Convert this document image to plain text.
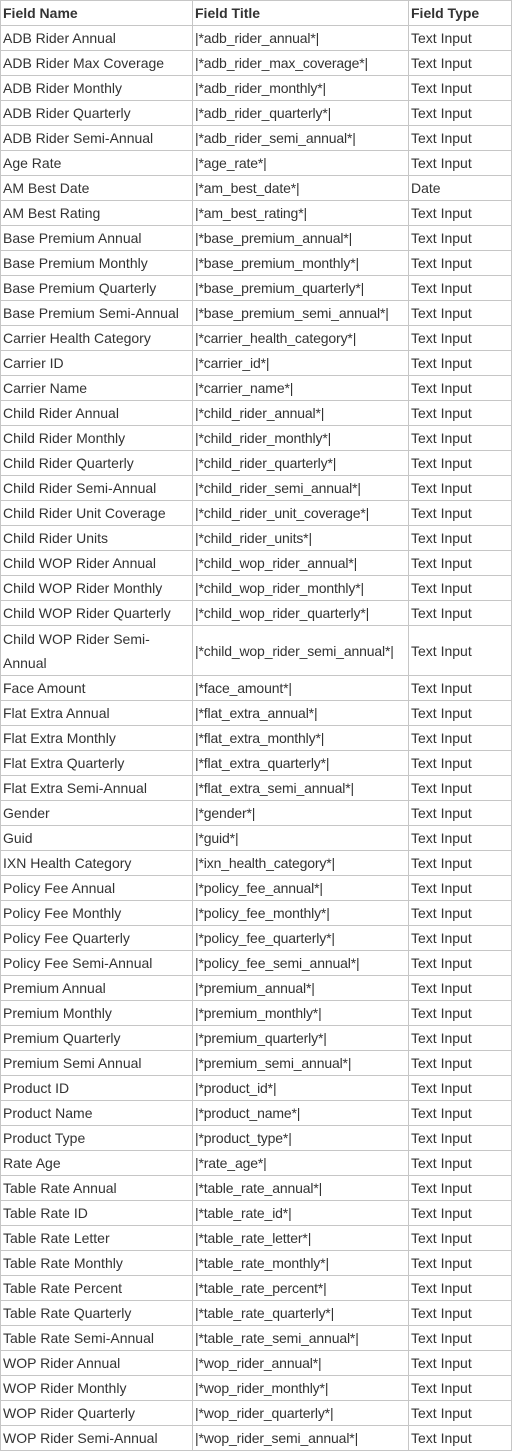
Field Name	Field Title	Field Type
ADB Rider Annual	|*adb_rider_annual*|	Text Input
ADB Rider Max Coverage	|*adb_rider_max_coverage*|	Text Input
ADB Rider Monthly	|*adb_rider_monthly*|	Text Input
ADB Rider Quarterly	|*adb_rider_quarterly*|	Text Input
ADB Rider Semi-Annual	|*adb_rider_semi_annual*|	Text Input
Age Rate	|*age_rate*|	Text Input
AM Best Date	|*am_best_date*|	Date
AM Best Rating	|*am_best_rating*|	Text Input
Base Premium Annual	|*base_premium_annual*|	Text Input
Base Premium Monthly	|*base_premium_monthly*|	Text Input
Base Premium Quarterly	|*base_premium_quarterly*|	Text Input
Base Premium Semi-Annual	|*base_premium_semi_annual*|	Text Input
Carrier Health Category	|*carrier_health_category*|	Text Input
Carrier ID	|*carrier_id*|	Text Input
Carrier Name	|*carrier_name*|	Text Input
Child Rider Annual	|*child_rider_annual*|	Text Input
Child Rider Monthly	|*child_rider_monthly*|	Text Input
Child Rider Quarterly	|*child_rider_quarterly*|	Text Input
Child Rider Semi-Annual	|*child_rider_semi_annual*|	Text Input
Child Rider Unit Coverage	|*child_rider_unit_coverage*|	Text Input
Child Rider Units	|*child_rider_units*|	Text Input
Child WOP Rider Annual	|*child_wop_rider_annual*|	Text Input
Child WOP Rider Monthly	|*child_wop_rider_monthly*|	Text Input
Child WOP Rider Quarterly	|*child_wop_rider_quarterly*|	Text Input
Child WOP Rider Semi-Annual	|*child_wop_rider_semi_annual*|	Text Input
Face Amount	|*face_amount*|	Text Input
Flat Extra Annual	|*flat_extra_annual*|	Text Input
Flat Extra Monthly	|*flat_extra_monthly*|	Text Input
Flat Extra Quarterly	|*flat_extra_quarterly*|	Text Input
Flat Extra Semi-Annual	|*flat_extra_semi_annual*|	Text Input
Gender	|*gender*|	Text Input
Guid	|*guid*|	Text Input
IXN Health Category	|*ixn_health_category*|	Text Input
Policy Fee Annual	|*policy_fee_annual*|	Text Input
Policy Fee Monthly	|*policy_fee_monthly*|	Text Input
Policy Fee Quarterly	|*policy_fee_quarterly*|	Text Input
Policy Fee Semi-Annual	|*policy_fee_semi_annual*|	Text Input
Premium Annual	|*premium_annual*|	Text Input
Premium Monthly	|*premium_monthly*|	Text Input
Premium Quarterly	|*premium_quarterly*|	Text Input
Premium Semi Annual	|*premium_semi_annual*|	Text Input
Product ID	|*product_id*|	Text Input
Product Name	|*product_name*|	Text Input
Product Type	|*product_type*|	Text Input
Rate Age	|*rate_age*|	Text Input
Table Rate Annual	|*table_rate_annual*|	Text Input
Table Rate ID	|*table_rate_id*|	Text Input
Table Rate Letter	|*table_rate_letter*|	Text Input
Table Rate Monthly	|*table_rate_monthly*|	Text Input
Table Rate Percent	|*table_rate_percent*|	Text Input
Table Rate Quarterly	|*table_rate_quarterly*|	Text Input
Table Rate Semi-Annual	|*table_rate_semi_annual*|	Text Input
WOP Rider Annual	|*wop_rider_annual*|	Text Input
WOP Rider Monthly	|*wop_rider_monthly*|	Text Input
WOP Rider Quarterly	|*wop_rider_quarterly*|	Text Input
WOP Rider Semi-Annual	|*wop_rider_semi_annual*|	Text Input
